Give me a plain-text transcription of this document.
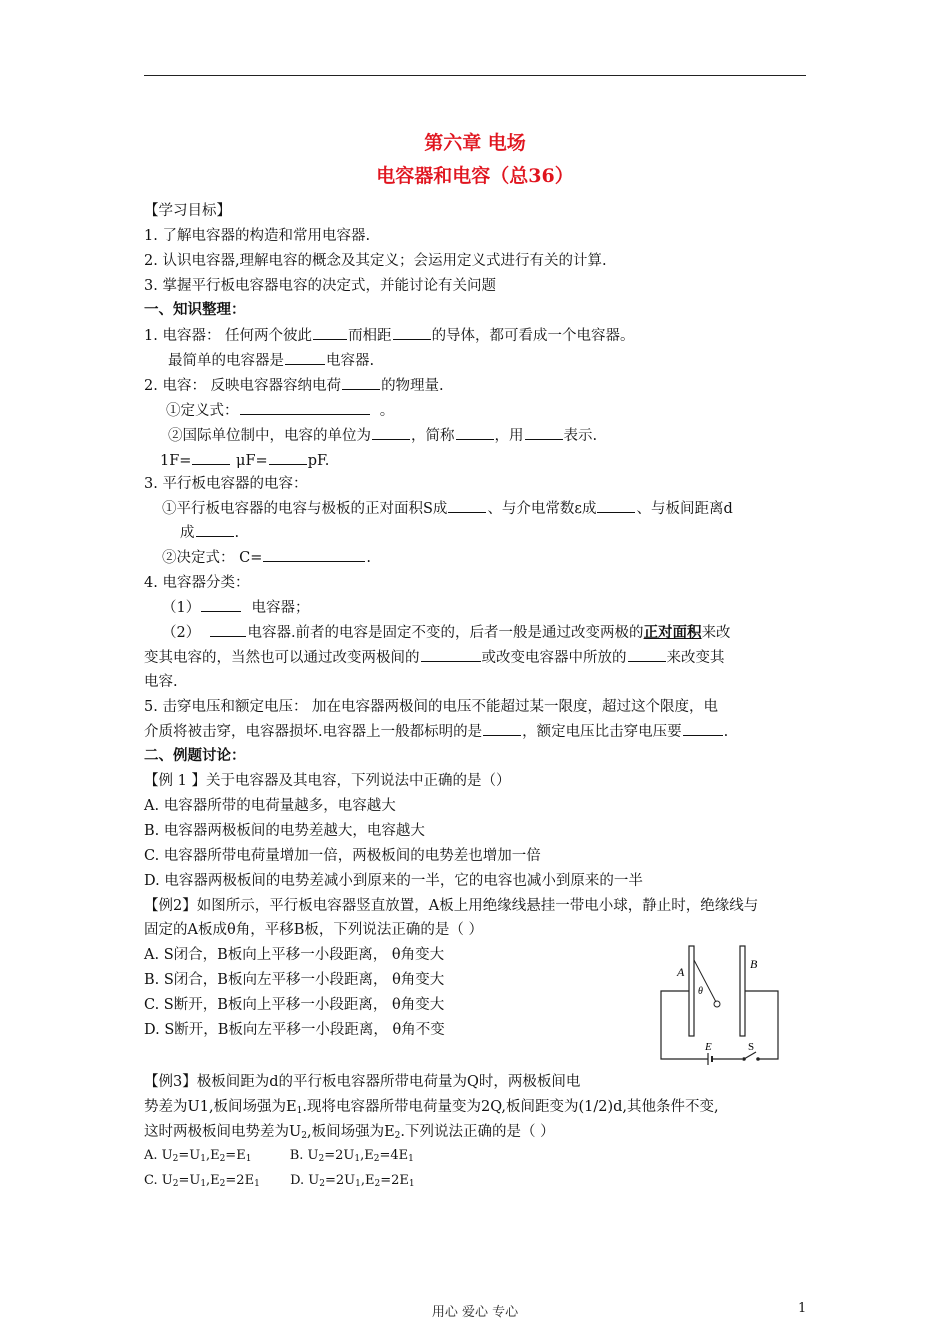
第六章 电场
电容器和电容（总36）
【学习目标】
1. 了解电容器的构造和常用电容器.
2. 认识电容器,理解电容的概念及其定义；会运用定义式进行有关的计算.
3. 掌握平行板电容器电容的决定式，并能讨论有关问题
一、知识整理：
1. 电容器： 任何两个彼此 而相距	的导体，都可看成一个电容器。
最简单的电容器是	电容器.
2. 电容： 反映电容器容纳电荷	的物理量.
①定义式：	。
②国际单位制中，电容的单位为	，简称	，用	表示.
1F=	μF=	pF.
3. 平行板电容器的电容：
①平行板电容器的电容与极板的正对面积S成	、与介电常数ε成	、与板间距离d
成	.
②决定式： C=	.
4. 电容器分类：
（1）	电容器；
（2）	电容器.前者的电容是固定不变的，后者一般是通过改变两极的正对面积来改
变其电容的，当然也可以通过改变两极间的	或改变电容器中所放的	来改变其
电容.
5. 击穿电压和额定电压： 加在电容器两极间的电压不能超过某一限度，超过这个限度，电
介质将被击穿，电容器损坏.电容器上一般都标明的是	，额定电压比击穿电压要	.
二、例题讨论：
【例 1 】关于电容器及其电容，下列说法中正确的是（）
A. 电容器所带的电荷量越多，电容越大
B. 电容器两极板间的电势差越大，电容越大
C. 电容器所带电荷量增加一倍，两极板间的电势差也增加一倍
D. 电容器两极板间的电势差减小到原来的一半，它的电容也减小到原来的一半
【例2】如图所示，平行板电容器竖直放置，A板上用绝缘线悬挂一带电小球，静止时，绝缘线与
固定的A板成θ角，平移B板，下列说法正确的是（ ）
A. S闭合，B板向上平移一小段距离， θ角变大
B. S闭合，B板向左平移一小段距离， θ角变大
C. S断开，B板向上平移一小段距离， θ角变大
D. S断开，B板向左平移一小段距离， θ角不变
A
B
θ
E	S
【例3】极板间距为d的平行板电容器所带电荷量为Q时，两极板间电
势差为U1,板间场强为$E_1$.现将电容器所带电荷量变为2Q,板间距变为(1/2)d,其他条件不变,
这时两极板间电势差为$U_2$,板间场强为$E_2$.下列说法正确的是（ ）
A. $U_2=U_1,E_2=E_1$	B. $U_2=2U_1,E_2=4E_1$
C. $U_2=U_1,E_2=2E_1$ D. $U_2=2U_1,E_2=2E_1$
用心 爱心 专心	1
